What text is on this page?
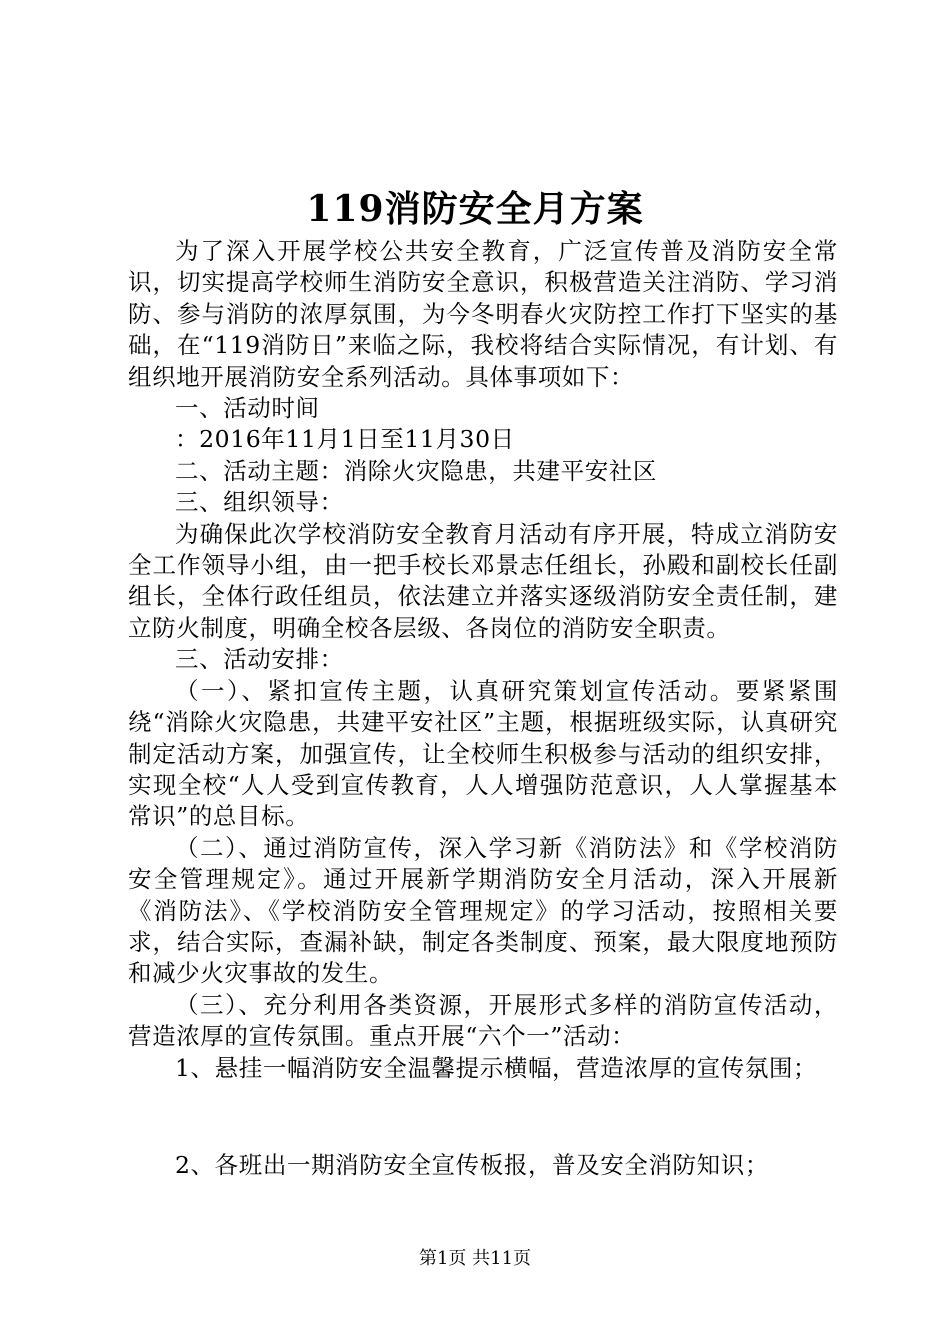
119消防安全月方案

为了深入开展学校公共安全教育，广泛宣传普及消防安全常识，切实提高学校师生消防安全意识，积极营造关注消防、学习消防、参与消防的浓厚氛围，为今冬明春火灾防控工作打下坚实的基础，在“119消防日”来临之际，我校将结合实际情况，有计划、有组织地开展消防安全系列活动。具体事项如下：

一、活动时间

：2016年11月1日至11月30日

二、活动主题：消除火灾隐患，共建平安社区

三、组织领导：

为确保此次学校消防安全教育月活动有序开展，特成立消防安全工作领导小组，由一把手校长邓景志任组长，孙殿和副校长任副组长，全体行政任组员，依法建立并落实逐级消防安全责任制，建立防火制度，明确全校各层级、各岗位的消防安全职责。

三、活动安排：

（一）、紧扣宣传主题，认真研究策划宣传活动。要紧紧围绕“消除火灾隐患，共建平安社区”主题，根据班级实际，认真研究制定活动方案，加强宣传，让全校师生积极参与活动的组织安排，实现全校“人人受到宣传教育，人人增强防范意识，人人掌握基本常识”的总目标。

（二）、通过消防宣传，深入学习新《消防法》和《学校消防安全管理规定》。通过开展新学期消防安全月活动，深入开展新《消防法》、《学校消防安全管理规定》的学习活动，按照相关要求，结合实际，查漏补缺，制定各类制度、预案，最大限度地预防和减少火灾事故的发生。

（三）、充分利用各类资源，开展形式多样的消防宣传活动，营造浓厚的宣传氛围。重点开展“六个一”活动：

1、悬挂一幅消防安全温馨提示横幅，营造浓厚的宣传氛围；

2、各班出一期消防安全宣传板报，普及安全消防知识；

第1页 共11页
